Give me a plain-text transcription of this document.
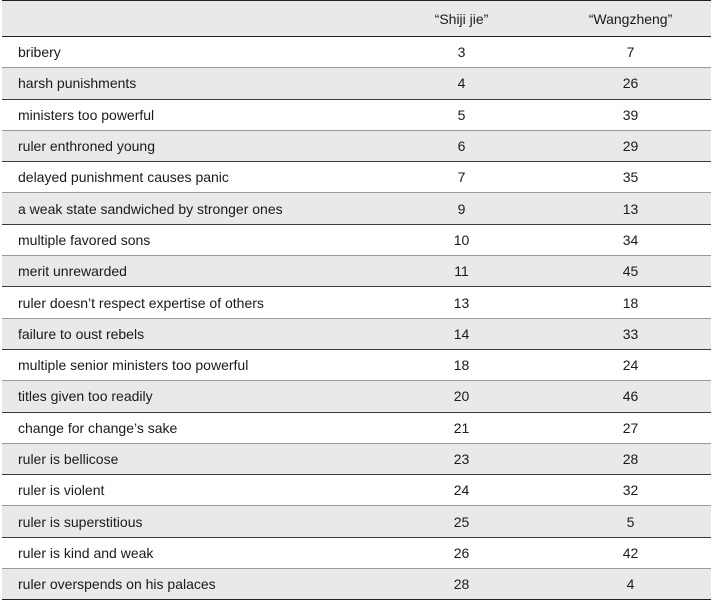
	“Shiji jie”	“Wangzheng”
bribery	3	7
harsh punishments	4	26
ministers too powerful	5	39
ruler enthroned young	6	29
delayed punishment causes panic	7	35
a weak state sandwiched by stronger ones	9	13
multiple favored sons	10	34
merit unrewarded	11	45
ruler doesn’t respect expertise of others	13	18
failure to oust rebels	14	33
multiple senior ministers too powerful	18	24
titles given too readily	20	46
change for change’s sake	21	27
ruler is bellicose	23	28
ruler is violent	24	32
ruler is superstitious	25	5
ruler is kind and weak	26	42
ruler overspends on his palaces	28	4
